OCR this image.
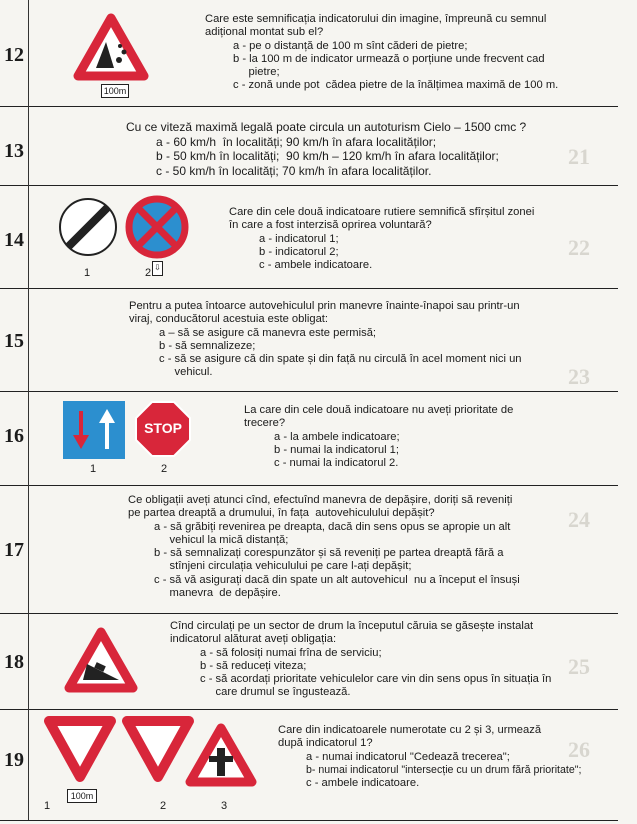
12
100m
Care este semnificația indicatorului din imagine, împreună cu semnul
adițional montat sub el?
a - pe o distanță de 100 m sînt căderi de pietre;
b - la 100 m de indicator urmează o porțiune unde frecvent cad
pietre;
c - zonă unde pot  cădea pietre de la înălțimea maximă de 100 m.
21
13
Cu ce viteză maximă legală poate circula un autoturism Cielo – 1500 cmc ?
a - 60 km/h  în localități; 90 km/h în afara localităților;
b - 50 km/h în localități;  90 km/h – 120 km/h în afara localităților;
c - 50 km/h în localități; 70 km/h în afara localităților.
22
14
⇩
1	2
Care din cele două indicatoare rutiere semnifică sfîrșitul zonei
în care a fost interzisă oprirea voluntară?
a - indicatorul 1;
b - indicatorul 2;
c - ambele indicatoare.
23
15
Pentru a putea întoarce autovehiculul prin manevre înainte-înapoi sau printr-un
viraj, conducătorul acestuia este obligat:
a – să se asigure că manevra este permisă;
b - să semnalizeze;
c - să se asigure că din spate și din față nu circulă în acel moment nici un
vehicul.
16	STOP
1	2
La care din cele două indicatoare nu aveți prioritate de
trecere?
a - la ambele indicatoare;
b - numai la indicatorul 1;
c - numai la indicatorul 2.
24
17
Ce obligații aveți atunci cînd, efectuînd manevra de depășire, doriți să reveniți
pe partea dreaptă a drumului, în fața  autovehiculului depășit?
a - să grăbiți revenirea pe dreapta, dacă din sens opus se apropie un alt
vehicul la mică distanță;
b - să semnalizați corespunzător și să reveniți pe partea dreaptă fără a
stînjeni circulația vehiculului pe care l-ați depășit;
c - să vă asigurați dacă din spate un alt autovehicul  nu a început el însuși
manevra  de depășire.
18
Cînd circulați pe un sector de drum la începutul căruia se găsește instalat
indicatorul alăturat aveți obligația:
a - să folosiți numai frîna de serviciu;
b - să reduceți viteza;
c - să acordați prioritate vehiculelor care vin din sens opus în situația în
care drumul se îngustează.
26
19
100m
1	2	3
Care din indicatoarele numerotate cu 2 și 3, urmează
după indicatorul 1?
a - numai indicatorul "Cedează trecerea";
b- numai indicatorul "intersecție cu un drum fără prioritate";
c - ambele indicatoare.
25
